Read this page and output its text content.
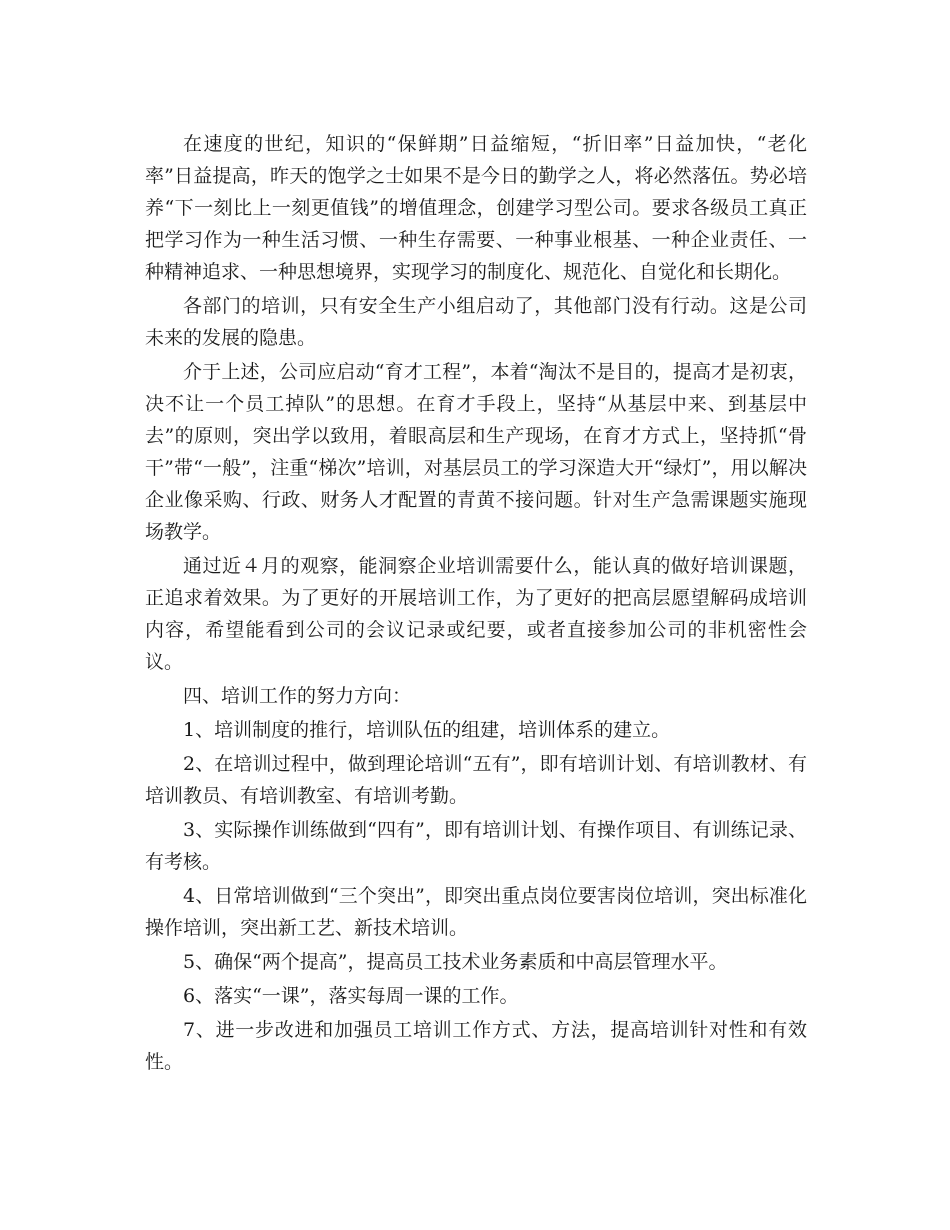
在速度的世纪，知识的“保鲜期”日益缩短，“折旧率”日益加快，“老化率”日益提高，昨天的饱学之士如果不是今日的勤学之人，将必然落伍。势必培养“下一刻比上一刻更值钱”的增值理念，创建学习型公司。要求各级员工真正把学习作为一种生活习惯、一种生存需要、一种事业根基、一种企业责任、一种精神追求、一种思想境界，实现学习的制度化、规范化、自觉化和长期化。

各部门的培训，只有安全生产小组启动了，其他部门没有行动。这是公司未来的发展的隐患。

介于上述，公司应启动“育才工程”，本着“淘汰不是目的，提高才是初衷，决不让一个员工掉队”的思想。在育才手段上，坚持“从基层中来、到基层中去”的原则，突出学以致用，着眼高层和生产现场，在育才方式上，坚持抓“骨干”带“一般”，注重“梯次”培训，对基层员工的学习深造大开“绿灯”，用以解决企业像采购、行政、财务人才配置的青黄不接问题。针对生产急需课题实施现场教学。

通过近４月的观察，能洞察企业培训需要什么，能认真的做好培训课题，正追求着效果。为了更好的开展培训工作，为了更好的把高层愿望解码成培训内容，希望能看到公司的会议记录或纪要，或者直接参加公司的非机密性会议。

四、培训工作的努力方向：

1、培训制度的推行，培训队伍的组建，培训体系的建立。

2、在培训过程中，做到理论培训“五有”，即有培训计划、有培训教材、有培训教员、有培训教室、有培训考勤。

3、实际操作训练做到“四有”，即有培训计划、有操作项目、有训练记录、有考核。

4、日常培训做到“三个突出”，即突出重点岗位要害岗位培训，突出标准化操作培训，突出新工艺、新技术培训。

5、确保“两个提高”，提高员工技术业务素质和中高层管理水平。

6、落实“一课”，落实每周一课的工作。

7、进一步改进和加强员工培训工作方式、方法，提高培训针对性和有效性。
